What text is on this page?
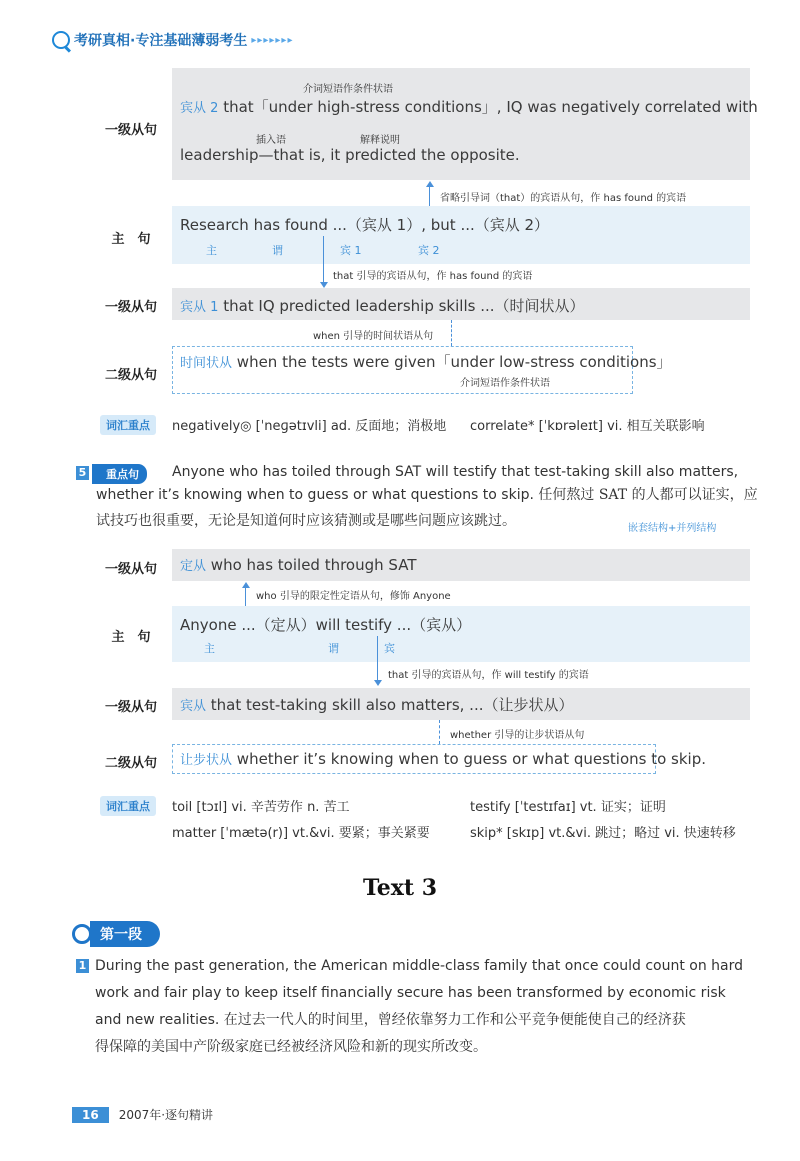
考研真相·专注基础薄弱考生 ▸▸▸▸▸▸▸
一级从句
介词短语作条件状语
宾从 2 that「under high-stress conditions」, IQ was negatively correlated with
插入语	解释说明
leadership—that is, it predicted the opposite.
省略引导词（that）的宾语从句，作 has found 的宾语
主　句
Research has found ...（宾从 1）, but ...（宾从 2）
主	谓	宾 1	宾 2
that 引导的宾语从句，作 has found 的宾语
一级从句	宾从 1 that IQ predicted leadership skills ...（时间状从）
when 引导的时间状语从句
二级从句
时间状从 when the tests were given「under low-stress conditions」
介词短语作条件状语
词汇重点	negatively◎ [ˈneɡətɪvli] ad. 反面地；消极地 correlate* [ˈkɒrəleɪt] vi. 相互关联影响
5	重点句	Anyone who has toiled through SAT will testify that test-taking skill also matters,
whether it’s knowing when to guess or what questions to skip. 任何熬过 SAT 的人都可以证实，应
试技巧也很重要，无论是知道何时应该猜测或是哪些问题应该跳过。	嵌套结构+并列结构
一级从句	定从 who has toiled through SAT
who 引导的限定性定语从句，修饰 Anyone
主　句
Anyone ...（定从）will testify ...（宾从）
主	谓	宾
that 引导的宾语从句，作 will testify 的宾语
一级从句	宾从 that test-taking skill also matters, ...（让步状从）
whether 引导的让步状语从句
二级从句	让步状从 whether it’s knowing when to guess or what questions to skip.
词汇重点	toil [tɔɪl] vi. 辛苦劳作 n. 苦工	testify [ˈtestɪfaɪ] vt. 证实；证明
matter [ˈmætə(r)] vt.&vi. 要紧；事关紧要	skip* [skɪp] vt.&vi. 跳过；略过 vi. 快速转移
Text 3
第一段
1 During the past generation, the American middle-class family that once could count on hard
work and fair play to keep itself financially secure has been transformed by economic risk
and new realities. 在过去一代人的时间里，曾经依靠努力工作和公平竞争便能使自己的经济获
得保障的美国中产阶级家庭已经被经济风险和新的现实所改变。
16	2007年·逐句精讲
